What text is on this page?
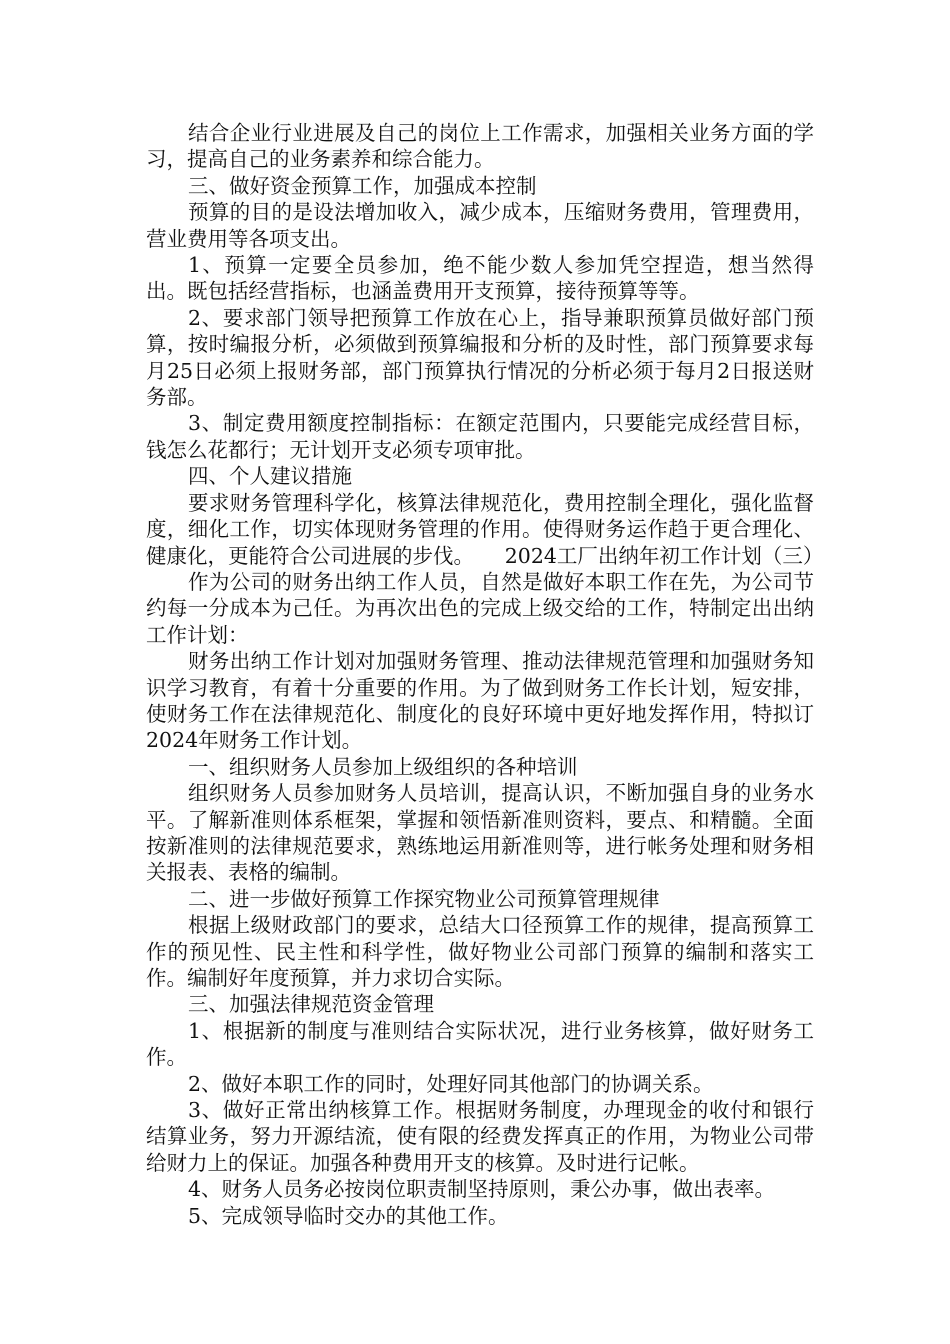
结合企业行业进展及自己的岗位上工作需求，加强相关业务方面的学习，提高自己的业务素养和综合能力。

三、做好资金预算工作，加强成本控制

预算的目的是设法增加收入，减少成本，压缩财务费用，管理费用，营业费用等各项支出。

1、预算一定要全员参加，绝不能少数人参加凭空捏造，想当然得出。既包括经营指标，也涵盖费用开支预算，接待预算等等。

2、要求部门领导把预算工作放在心上，指导兼职预算员做好部门预算，按时编报分析，必须做到预算编报和分析的及时性，部门预算要求每月25日必须上报财务部，部门预算执行情况的分析必须于每月2日报送财务部。

3、制定费用额度控制指标：在额定范围内，只要能完成经营目标，钱怎么花都行；无计划开支必须专项审批。

四、个人建议措施

要求财务管理科学化，核算法律规范化，费用控制全理化，强化监督度，细化工作，切实体现财务管理的作用。使得财务运作趋于更合理化、健康化，更能符合公司进展的步伐。　　2024工厂出纳年初工作计划（三）

作为公司的财务出纳工作人员，自然是做好本职工作在先，为公司节约每一分成本为己任。为再次出色的完成上级交给的工作，特制定出出纳工作计划：

财务出纳工作计划对加强财务管理、推动法律规范管理和加强财务知识学习教育，有着十分重要的作用。为了做到财务工作长计划，短安排，使财务工作在法律规范化、制度化的良好环境中更好地发挥作用，特拟订2024年财务工作计划。

一、组织财务人员参加上级组织的各种培训

组织财务人员参加财务人员培训，提高认识，不断加强自身的业务水平。了解新准则体系框架，掌握和领悟新准则资料，要点、和精髓。全面按新准则的法律规范要求，熟练地运用新准则等，进行帐务处理和财务相关报表、表格的编制。

二、进一步做好预算工作探究物业公司预算管理规律

根据上级财政部门的要求，总结大口径预算工作的规律，提高预算工作的预见性、民主性和科学性，做好物业公司部门预算的编制和落实工作。编制好年度预算，并力求切合实际。

三、加强法律规范资金管理

1、根据新的制度与准则结合实际状况，进行业务核算，做好财务工作。

2、做好本职工作的同时，处理好同其他部门的协调关系。

3、做好正常出纳核算工作。根据财务制度，办理现金的收付和银行结算业务，努力开源结流，使有限的经费发挥真正的作用，为物业公司带给财力上的保证。加强各种费用开支的核算。及时进行记帐。

4、财务人员务必按岗位职责制坚持原则，秉公办事，做出表率。

5、完成领导临时交办的其他工作。
